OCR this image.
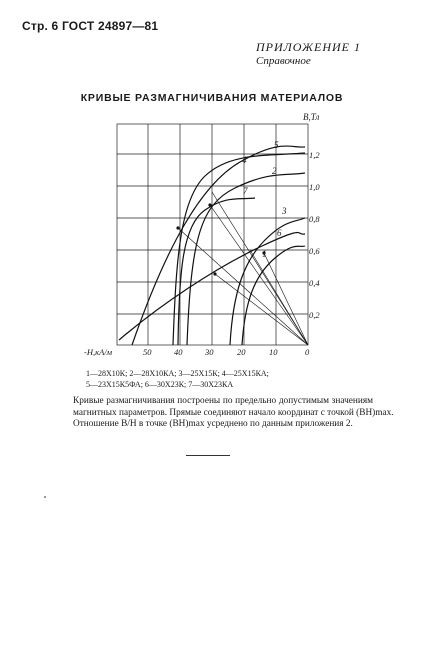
Стр. 6 ГОСТ 24897—81
ПРИЛОЖЕНИЕ 1
Справочное
КРИВЫЕ РАЗМАГНИЧИВАНИЯ МАТЕРИАЛОВ
B,Тл
1,2
1,0
0,8
0,6
0,4
0,2
0
-H,кА/м	50	40	30	20	10
1
2
3
4
5
6
7
1—28Х10К; 2—28Х10КА; 3—25Х15К; 4—25Х15КА;
5—23Х15К5ФА; 6—30Х23К; 7—30Х23КА
Кривые размагничивания построены по предельно допустимым значениям
магнитных параметров. Прямые соединяют начало координат с точкой (BH)max.
Отношение B/H в точке (BH)max усреднено по данным приложения 2.
